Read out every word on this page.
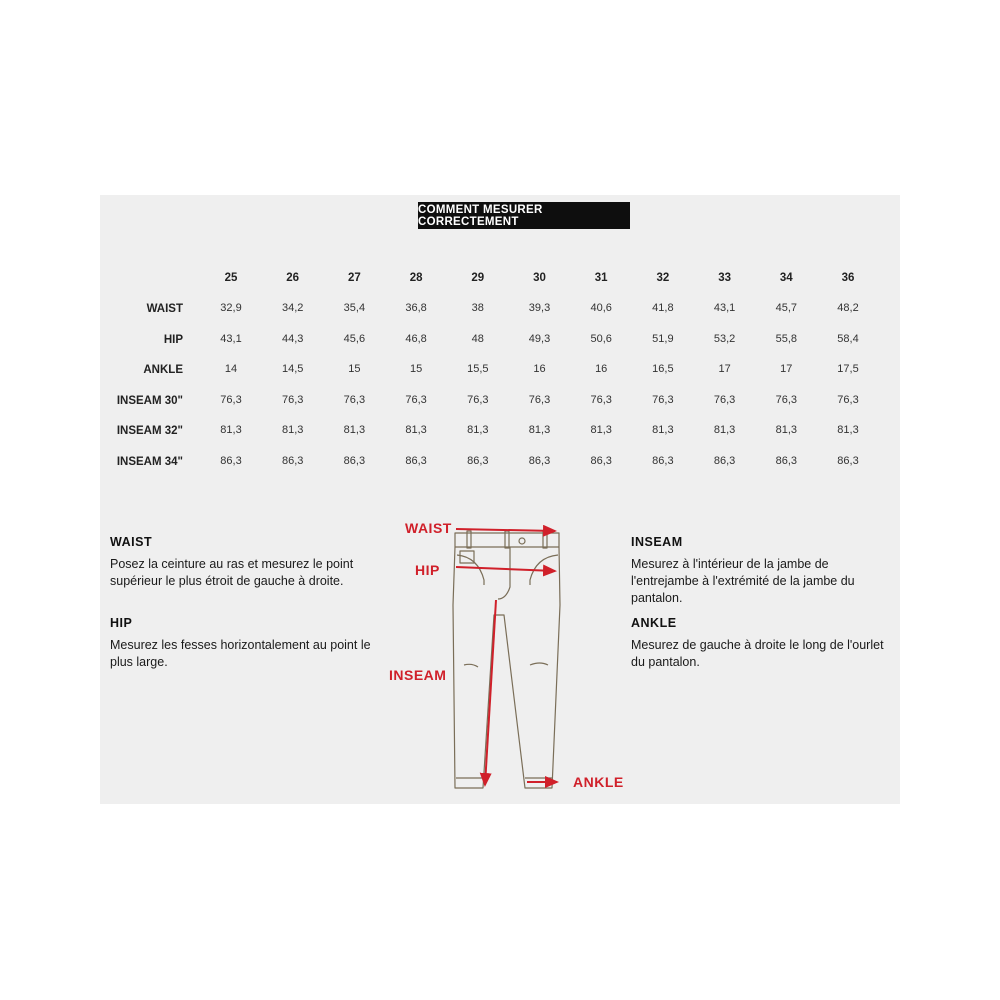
COMMENT MESURER CORRECTEMENT
25	26	27	28	29	30	31	32	33	34	36
WAIST	32,9	34,2	35,4	36,8	38	39,3	40,6	41,8	43,1	45,7	48,2
HIP	43,1	44,3	45,6	46,8	48	49,3	50,6	51,9	53,2	55,8	58,4
ANKLE	14	14,5	15	15	15,5	16	16	16,5	17	17	17,5
INSEAM 30"	76,3	76,3	76,3	76,3	76,3	76,3	76,3	76,3	76,3	76,3	76,3
INSEAM 32"	81,3	81,3	81,3	81,3	81,3	81,3	81,3	81,3	81,3	81,3	81,3
INSEAM 34"	86,3	86,3	86,3	86,3	86,3	86,3	86,3	86,3	86,3	86,3	86,3

WAIST

Posez la ceinture au ras et mesurez le point supérieur le plus étroit de gauche à droite.

HIP

Mesurez les fesses horizontalement au point le plus large.

INSEAM

Mesurez à l'intérieur de la jambe de l'entrejambe à l'extrémité de la jambe du pantalon.

ANKLE

Mesurez de gauche à droite le long de l'ourlet du pantalon.

WAIST
HIP
INSEAM
ANKLE
